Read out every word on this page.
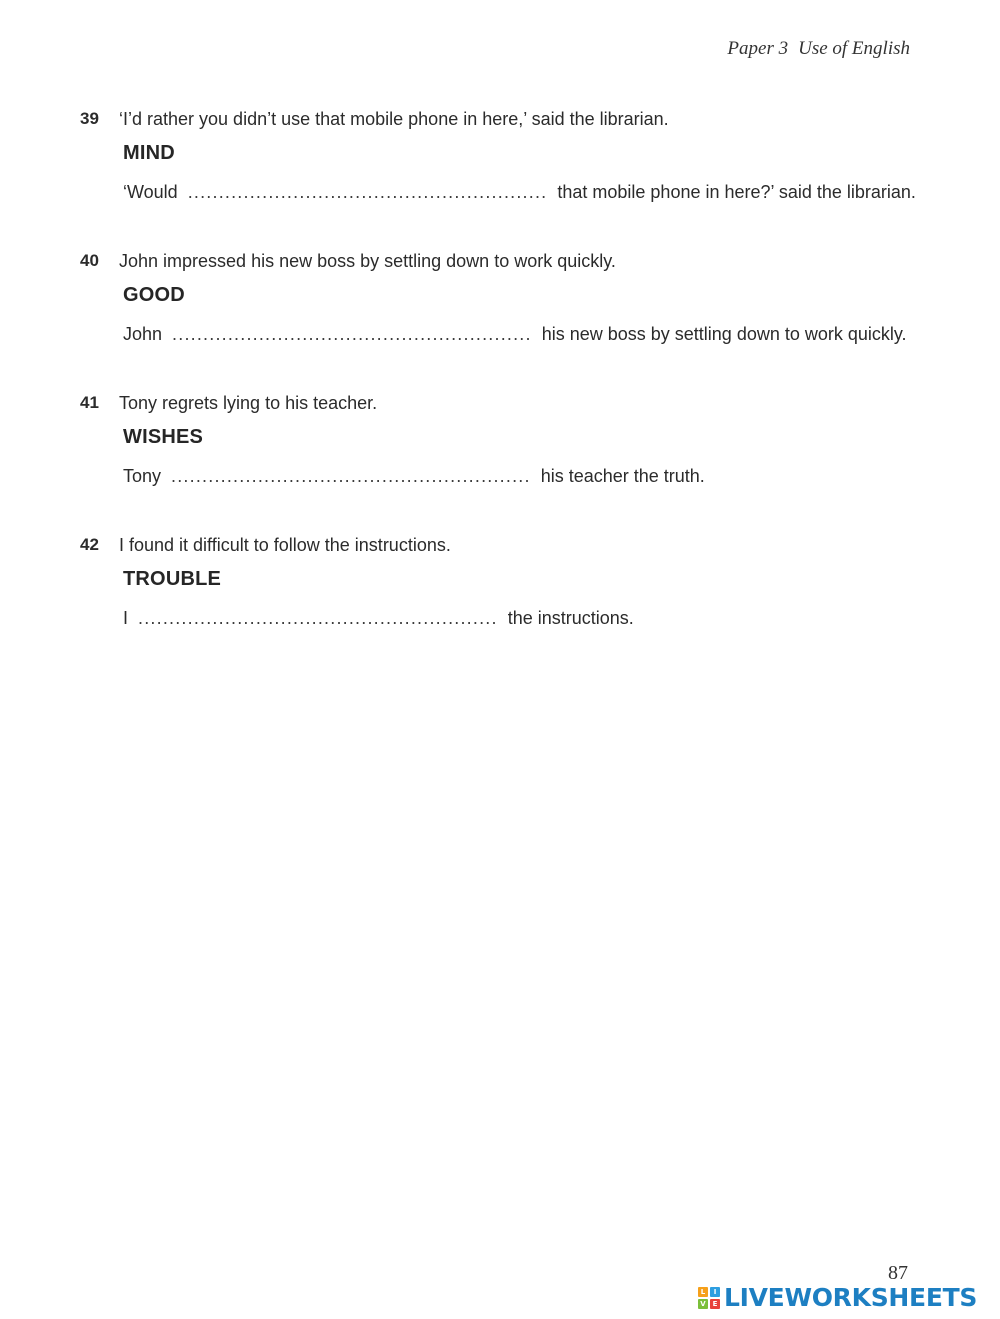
Paper 3 Use of English
39 ‘I’d rather you didn’t use that mobile phone in here,’ said the librarian.
MIND
‘Would .......................................................... that mobile phone in here?’ said the librarian.
40 John impressed his new boss by settling down to work quickly.
GOOD
John .......................................................... his new boss by settling down to work quickly.
41 Tony regrets lying to his teacher.
WISHES
Tony .......................................................... his teacher the truth.
42 I found it difficult to follow the instructions.
TROUBLE
I .......................................................... the instructions.
87
L	I
V E LIVEWORKSHEETS
